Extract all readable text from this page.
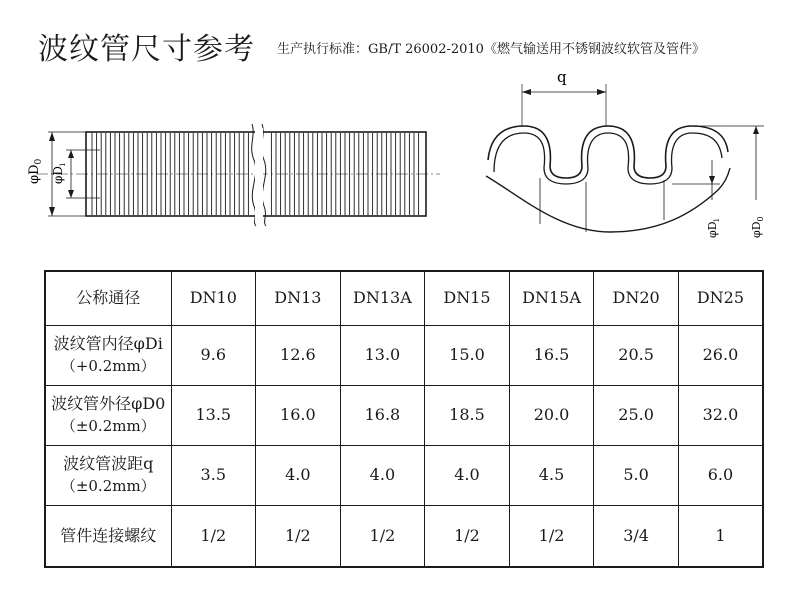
波纹管尺寸参考 生产执行标准：GB/T 26002-2010《燃气输送用不锈钢波纹软管及管件》
$\varphi D_0$
$\varphi D_i$
q
$\varphi D_i$
$\varphi D_0$
公称通径	DN10	DN13	DN13A	DN15	DN15A	DN20	DN25

波纹管内径φDi
（+0.2mm）	9.6	12.6	13.0	15.0	16.5	20.5	26.0

波纹管外径φD0
（±0.2mm）	13.5	16.0	16.8	18.5	20.0	25.0	32.0

波纹管波距q
（±0.2mm）	3.5	4.0	4.0	4.0	4.5	5.0	6.0

管件连接螺纹	1/2	1/2	1/2	1/2	1/2	3/4	1
